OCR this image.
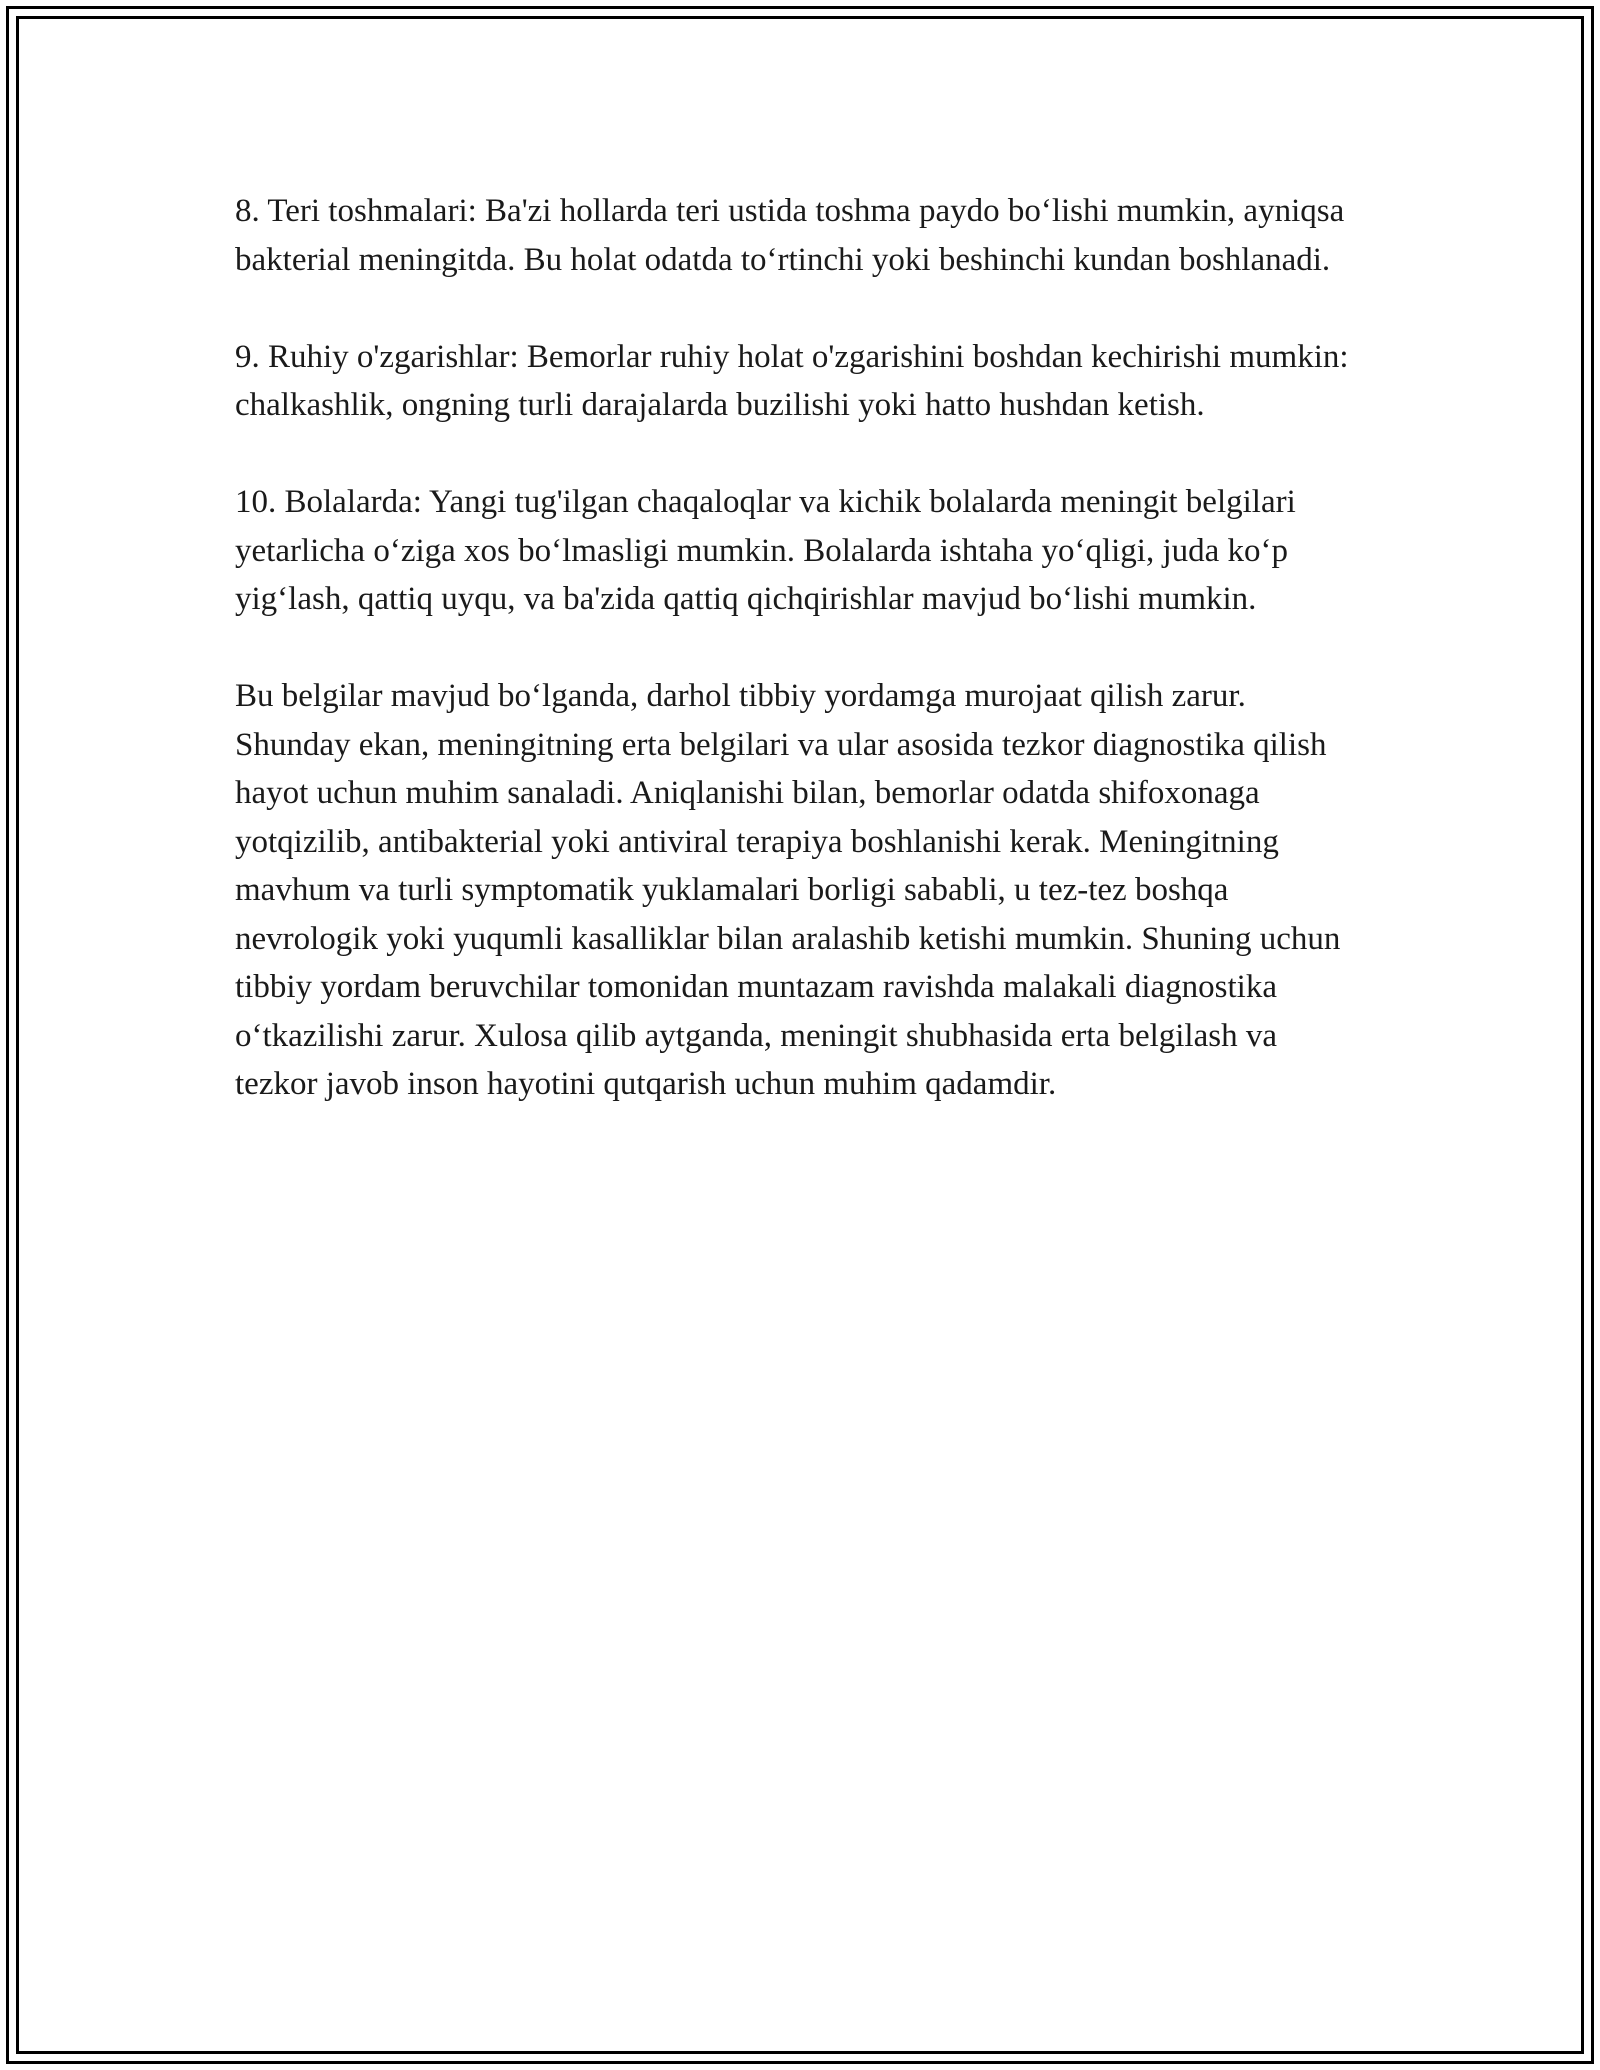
8. Teri toshmalari: Ba'zi hollarda teri ustida toshma paydo bo‘lishi mumkin, ayniqsa bakterial meningitda. Bu holat odatda to‘rtinchi yoki beshinchi kundan boshlanadi.

9. Ruhiy o'zgarishlar: Bemorlar ruhiy holat o'zgarishini boshdan kechirishi mumkin: chalkashlik, ongning turli darajalarda buzilishi yoki hatto hushdan ketish.

10. Bolalarda: Yangi tug'ilgan chaqaloqlar va kichik bolalarda meningit belgilari yetarlicha o‘ziga xos bo‘lmasligi mumkin. Bolalarda ishtaha yo‘qligi, juda ko‘p yig‘lash, qattiq uyqu, va ba'zida qattiq qichqirishlar mavjud bo‘lishi mumkin.

Bu belgilar mavjud bo‘lganda, darhol tibbiy yordamga murojaat qilish zarur. Shunday ekan, meningitning erta belgilari va ular asosida tezkor diagnostika qilish hayot uchun muhim sanaladi. Aniqlanishi bilan, bemorlar odatda shifoxonaga yotqizilib, antibakterial yoki antiviral terapiya boshlanishi kerak. Meningitning mavhum va turli symptomatik yuklamalari borligi sababli, u tez-tez boshqa nevrologik yoki yuqumli kasalliklar bilan aralashib ketishi mumkin. Shuning uchun tibbiy yordam beruvchilar tomonidan muntazam ravishda malakali diagnostika o‘tkazilishi zarur. Xulosa qilib aytganda, meningit shubhasida erta belgilash va tezkor javob inson hayotini qutqarish uchun muhim qadamdir.
